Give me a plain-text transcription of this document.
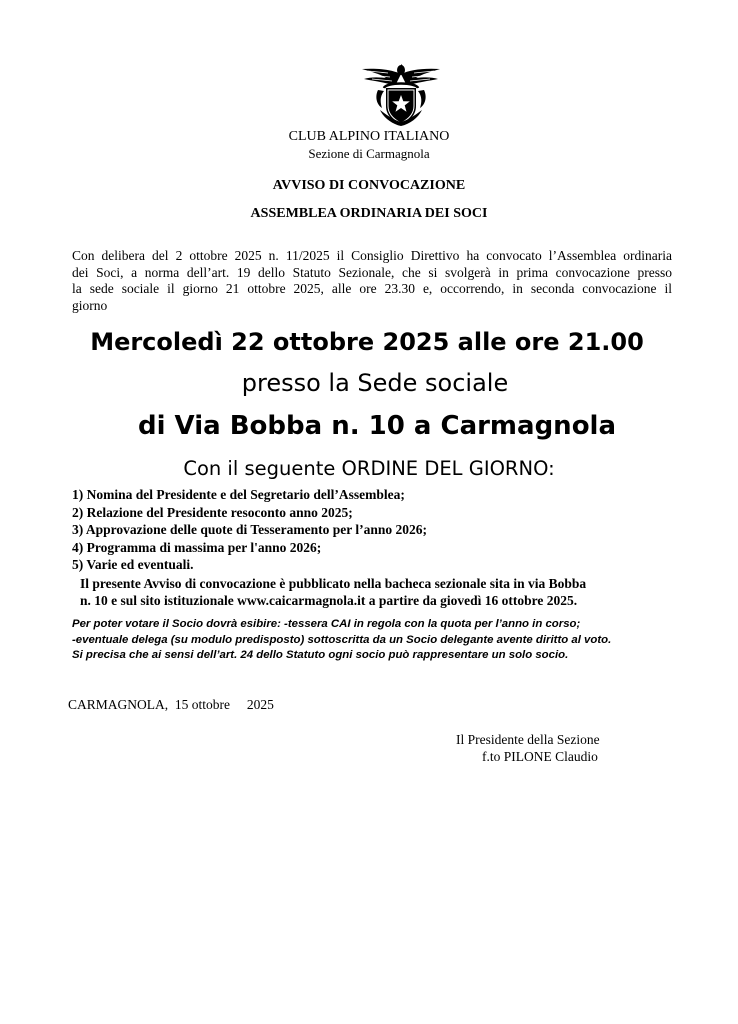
CLUB ALPINO ITALIANO
Sezione di Carmagnola
AVVISO DI CONVOCAZIONE
ASSEMBLEA ORDINARIA DEI SOCI
Con delibera del 2 ottobre 2025 n. 11/2025 il Consiglio Direttivo ha convocato l’Assemblea ordinaria
dei Soci, a norma dell’art. 19 dello Statuto Sezionale, che si svolgerà in prima convocazione presso
la sede sociale il giorno 21 ottobre 2025, alle ore 23.30 e, occorrendo, in seconda convocazione il
giorno
Mercoledì 22 ottobre 2025 alle ore 21.00
presso la Sede sociale
di Via Bobba n. 10 a Carmagnola
Con il seguente ORDINE DEL GIORNO:
1) Nomina del Presidente e del Segretario dell’Assemblea;
2) Relazione del Presidente resoconto anno 2025;
3) Approvazione delle quote di Tesseramento per l’anno 2026;
4) Programma di massima per l'anno 2026;
5) Varie ed eventuali.
Il presente Avviso di convocazione è pubblicato nella bacheca sezionale sita in via Bobba
n. 10 e sul sito istituzionale www.caicarmagnola.it a partire da giovedì 16 ottobre 2025.
Per poter votare il Socio dovrà esibire: -tessera CAI in regola con la quota per l’anno in corso;
-eventuale delega (su modulo predisposto) sottoscritta da un Socio delegante avente diritto al voto.
Si precisa che ai sensi dell’art. 24 dello Statuto ogni socio può rappresentare un solo socio.
CARMAGNOLA,  15 ottobre     2025
Il Presidente della Sezione
f.to PILONE Claudio
